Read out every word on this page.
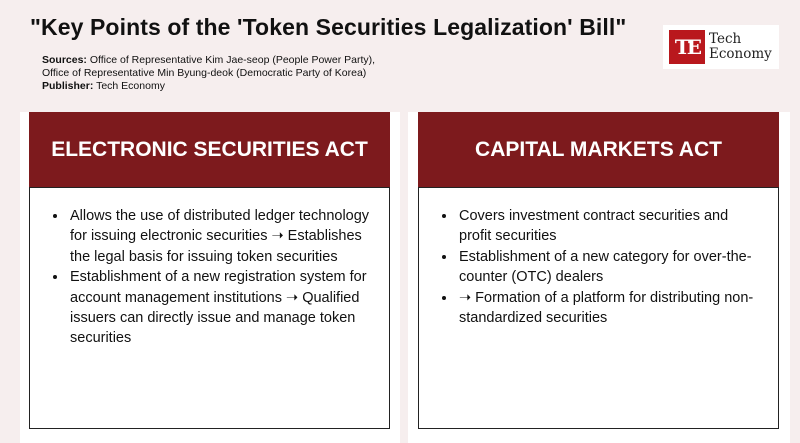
"Key Points of the 'Token Securities Legalization' Bill"
Sources: Office of Representative Kim Jae-seop (People Power Party),
Office of Representative Min Byung-deok (Democratic Party of Korea)
Publisher: Tech Economy
TE Tech
Economy
ELECTRONIC SECURITIES ACT
• Allows the use of distributed ledger technology for issuing electronic securities ➝ Establishes the legal basis for issuing token securities
• Establishment of a new registration system for account management institutions ➝ Qualified issuers can directly issue and manage token securities
CAPITAL MARKETS ACT
• Covers investment contract securities and profit securities
• Establishment of a new category for over-the-counter (OTC) dealers
• ➝ Formation of a platform for distributing non-standardized securities
